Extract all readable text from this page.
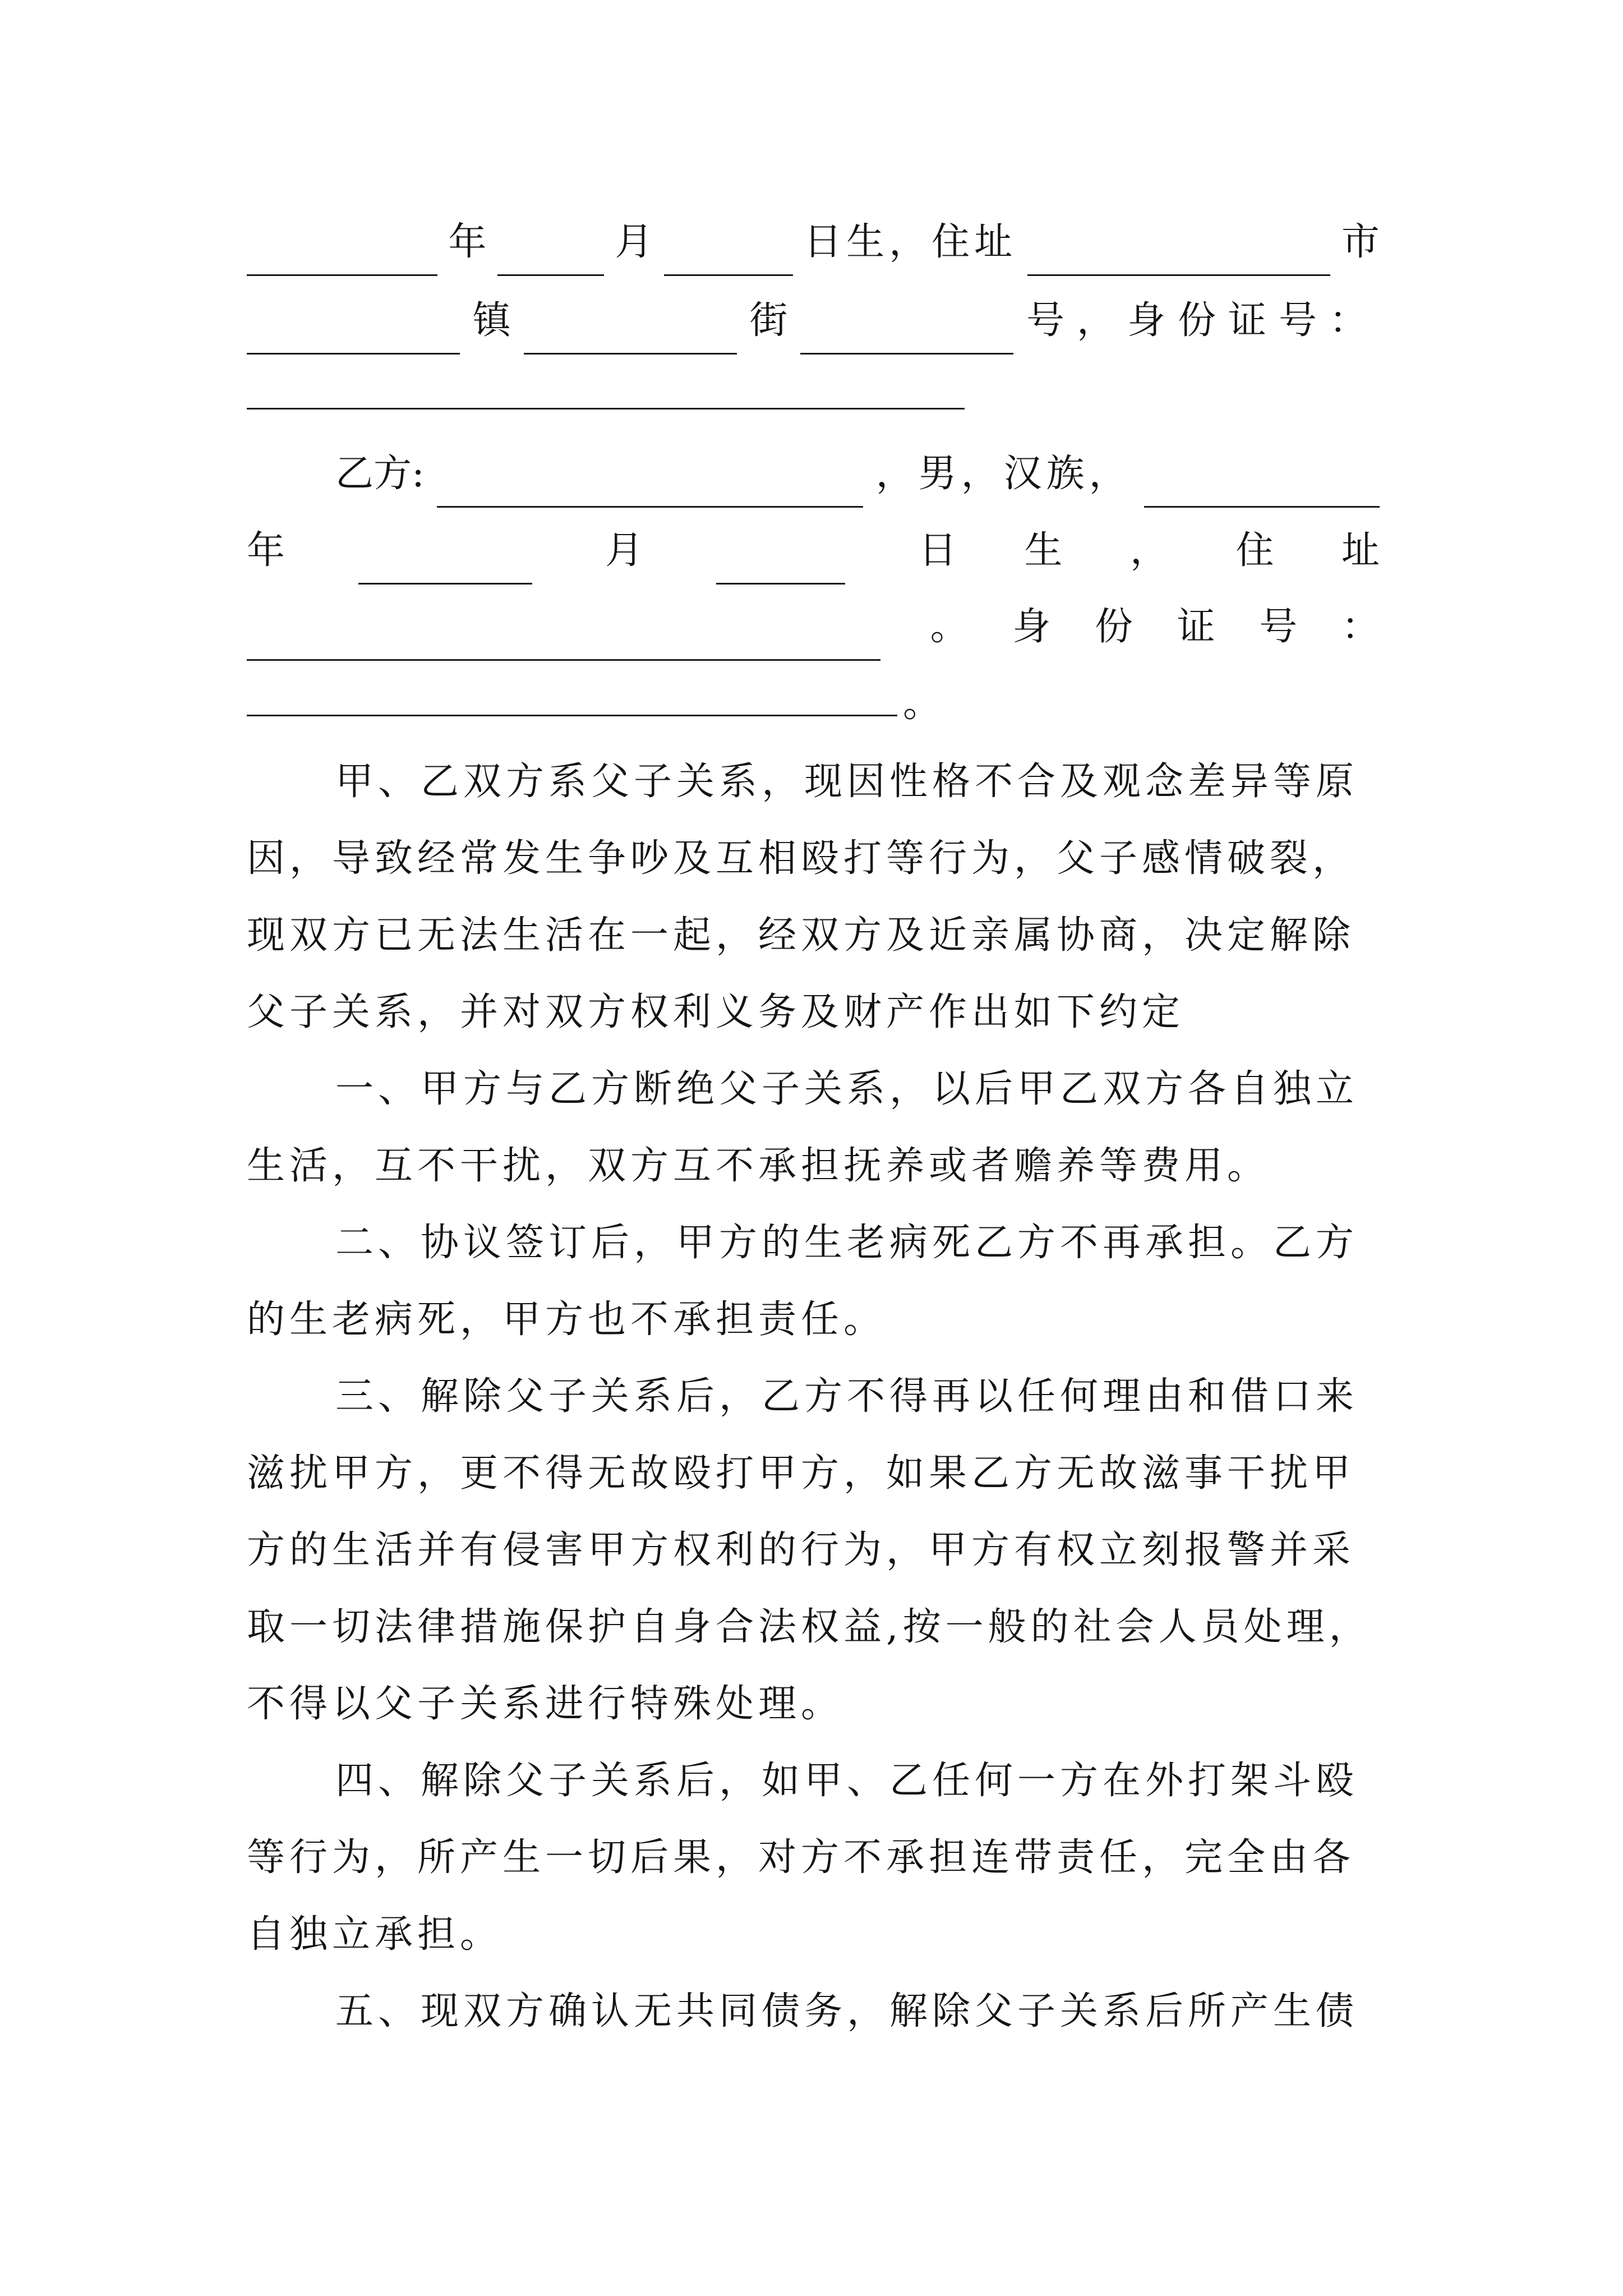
年	月	日生，住址	市
镇	街	号，身份证号：
乙方:	，男，汉族，
年	月	日 生 ， 住 址
。 身 份 证 号 ：
。
甲、乙双方系父子关系，现因性格不合及观念差异等原
因，导致经常发生争吵及互相殴打等行为，父子感情破裂，
现双方已无法生活在一起，经双方及近亲属协商，决定解除
父子关系，并对双方权利义务及财产作出如下约定
一、甲方与乙方断绝父子关系，以后甲乙双方各自独立
生活，互不干扰，双方互不承担抚养或者赡养等费用。
二、协议签订后，甲方的生老病死乙方不再承担。乙方
的生老病死，甲方也不承担责任。
三、解除父子关系后，乙方不得再以任何理由和借口来
滋扰甲方，更不得无故殴打甲方，如果乙方无故滋事干扰甲
方的生活并有侵害甲方权利的行为，甲方有权立刻报警并采
取一切法律措施保护自身合法权益,按一般的社会人员处理，
不得以父子关系进行特殊处理。
四、解除父子关系后，如甲、乙任何一方在外打架斗殴
等行为，所产生一切后果，对方不承担连带责任，完全由各
自独立承担。
五、现双方确认无共同债务，解除父子关系后所产生债
